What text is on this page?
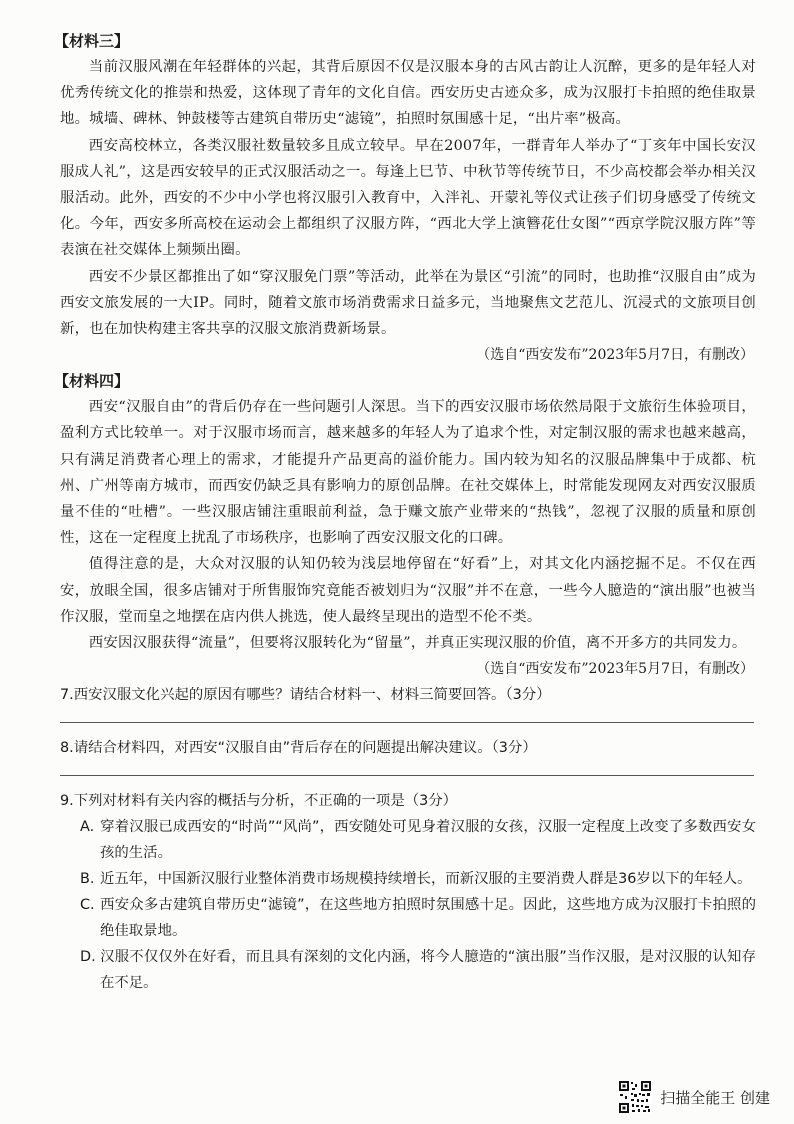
【材料三】

当前汉服风潮在年轻群体的兴起，其背后原因不仅是汉服本身的古风古韵让人沉醉，更多的是年轻人对优秀传统文化的推崇和热爱，这体现了青年的文化自信。西安历史古迹众多，成为汉服打卡拍照的绝佳取景地。城墙、碑林、钟鼓楼等古建筑自带历史“滤镜”，拍照时氛围感十足，“出片率”极高。

西安高校林立，各类汉服社数量较多且成立较早。早在2007年，一群青年人举办了“丁亥年中国长安汉服成人礼”，这是西安较早的正式汉服活动之一。每逢上巳节、中秋节等传统节日，不少高校都会举办相关汉服活动。此外，西安的不少中小学也将汉服引入教育中，入泮礼、开蒙礼等仪式让孩子们切身感受了传统文化。今年，西安多所高校在运动会上都组织了汉服方阵，“西北大学上演簪花仕女图”“西京学院汉服方阵”等表演在社交媒体上频频出圈。

西安不少景区都推出了如“穿汉服免门票”等活动，此举在为景区“引流”的同时，也助推“汉服自由”成为西安文旅发展的一大IP。同时，随着文旅市场消费需求日益多元，当地聚焦文艺范儿、沉浸式的文旅项目创新，也在加快构建主客共享的汉服文旅消费新场景。

（选自“西安发布”2023年5月7日，有删改）

【材料四】

西安“汉服自由”的背后仍存在一些问题引人深思。当下的西安汉服市场依然局限于文旅衍生体验项目，盈利方式比较单一。对于汉服市场而言，越来越多的年轻人为了追求个性，对定制汉服的需求也越来越高，只有满足消费者心理上的需求，才能提升产品更高的溢价能力。国内较为知名的汉服品牌集中于成都、杭州、广州等南方城市，而西安仍缺乏具有影响力的原创品牌。在社交媒体上，时常能发现网友对西安汉服质量不佳的“吐槽”。一些汉服店铺注重眼前利益，急于赚文旅产业带来的“热钱”，忽视了汉服的质量和原创性，这在一定程度上扰乱了市场秩序，也影响了西安汉服文化的口碑。

值得注意的是，大众对汉服的认知仍较为浅层地停留在“好看”上，对其文化内涵挖掘不足。不仅在西安，放眼全国，很多店铺对于所售服饰究竟能否被划归为“汉服”并不在意，一些今人臆造的“演出服”也被当作汉服，堂而皇之地摆在店内供人挑选，使人最终呈现出的造型不伦不类。

西安因汉服获得“流量”，但要将汉服转化为“留量”，并真正实现汉服的价值，离不开多方的共同发力。

（选自“西安发布”2023年5月7日，有删改）

7.西安汉服文化兴起的原因有哪些？请结合材料一、材料三简要回答。（3分）

8.请结合材料四，对西安“汉服自由”背后存在的问题提出解决建议。（3分）

9.下列对材料有关内容的概括与分析，不正确的一项是（3分）

A. 穿着汉服已成西安的“时尚”“风尚”，西安随处可见身着汉服的女孩，汉服一定程度上改变了多数西安女孩的生活。

B. 近五年，中国新汉服行业整体消费市场规模持续增长，而新汉服的主要消费人群是36岁以下的年轻人。

C. 西安众多古建筑自带历史“滤镜”，在这些地方拍照时氛围感十足。因此，这些地方成为汉服打卡拍照的绝佳取景地。

D. 汉服不仅仅外在好看，而且具有深刻的文化内涵，将今人臆造的“演出服”当作汉服，是对汉服的认知存在不足。

扫描全能王 创建
